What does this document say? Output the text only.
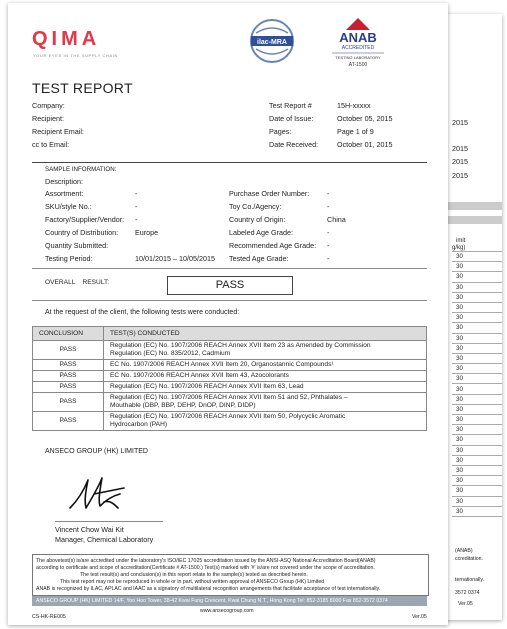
2015
2015
2015
2015
imit
g/kg)
30
30
30
30
30
30
30
30
30
30
30
30
30
30
30
30
30
30
30
30
30
30
30
30
30
30
(ANAB)
ccreditation.
ternationally.
3572 0374
Ver.05
QIMA
YOUR EYES IN THE SUPPLY CHAIN
ilac-MRA	ANAB
ACCREDITED
TESTING LABORATORY
AT-1500
TEST REPORT
Company:
Recipient:
Recipient Email:
cc to Email:
Test Report #	15H-xxxxx
Date of Issue:	October 05, 2015
Pages:	Page 1 of 9
Date Received:	October 01, 2015
SAMPLE INFORMATION:
Description:
Assortment:	-
SKU/style No.:	-
Factory/Supplier/Vendor: -
Country of Distribution: Europe
Quantity Submitted:
Testing Period:	10/01/2015 – 10/05/2015
Purchase Order Number: -
Toy Co./Agency:	-
Country of Origin:	China
Labeled Age Grade:	-
Recommended Age Grade: -
Tested Age Grade:	-
OVERALL    RESULT:	PASS
At the request of the client, the following tests were conducted:
CONCLUSION	TEST(S) CONDUCTED
PASS	Regulation (EC) No. 1907/2006 REACH Annex XVII Item 23 as Amended by Commission
Regulation (EC) No. 835/2012, Cadmium

PASS	EC No. 1907/2006 REACH Annex XVII Item 20, Organostannic Compounds¹

PASS	EC No. 1907/2006 REACH Annex XVII Item 43, Azocolorants

PASS	Regulation (EC) No. 1907/2006 REACH Annex XVII Item 63, Lead

PASS	Regulation (EC) No. 1907/2006 REACH Annex XVII Item 51 and 52, Phthalates –
Mouthable (DBP, BBP, DEHP, DnOP, DINP, DIDP)

PASS	Regulation (EC) No. 1907/2006 REACH Annex XVII Item 50, Polycyclic Aromatic
Hydrocarbon (PAH)
ANSECO GROUP (HK) LIMITED
Vincent Chow Wai Kit
Manager, Chemical Laboratory
The abovetest(s) is/are accredited under the laboratory's ISO/IEC 17025 accreditation issued by the ANSI-ASQ National Accreditation Board(ANAB)
according to certificate and scope of accreditation(Certificate # AT-1500.) Test(s) marked with '#' is/are not covered under the scope of accreditation.
The test result(s) and conclusion(s) in this report relate to the sample(s) tested as described herein.
This test report may not be reproduced in whole or in part, without written approval of ANSECO Group (HK) Limited
ANAB is recognized by ILAC, APLAC and IAAC as a signatory of multilateral recognition arrangements that facilitate acceptance of test internationally.
ANSECO GROUP (HK) LIMITED 14/F, Yoo Hoo Tower, 38-42 Kwai Fung Crescent, Kwai Chung N.T., Hong Kong Tel: 852-3185 8000 Fax 852-3572 0374
www.ansecogroup.com
CS-HK-RE005	Ver.05
